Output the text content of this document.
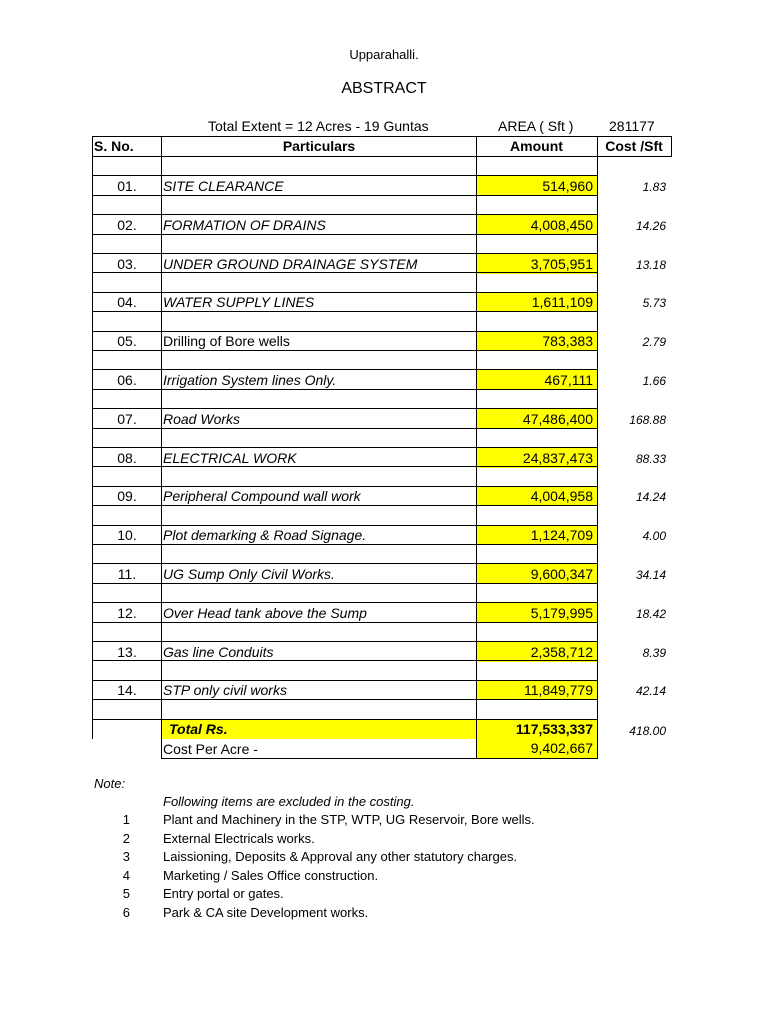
Upparahalli.
ABSTRACT
Total Extent = 12 Acres - 19 Guntas	AREA ( Sft )	281177
S. No.	Particulars	Amount	Cost /Sft
01.	SITE CLEARANCE	514,960	1.83
02.	FORMATION OF DRAINS	4,008,450	14.26
03.	UNDER GROUND DRAINAGE SYSTEM	3,705,951	13.18
04.	WATER SUPPLY LINES	1,611,109	5.73
05.	Drilling of Bore wells	783,383	2.79
06.	Irrigation System lines Only.	467,111	1.66
07.	Road Works	47,486,400	168.88
08.	ELECTRICAL WORK	24,837,473	88.33
09.	Peripheral Compound wall work	4,004,958	14.24
10.	Plot demarking & Road Signage.	1,124,709	4.00
11.	UG Sump Only Civil Works.	9,600,347	34.14
12.	Over Head tank above the Sump	5,179,995	18.42
13.	Gas line Conduits	2,358,712	8.39
14.	STP only civil works	11,849,779	42.14
Total Rs.	117,533,337	418.00
Cost Per Acre -	9,402,667
Note:
Following items are excluded in the costing.
1	Plant and Machinery in the STP, WTP, UG Reservoir, Bore wells.
2	External Electricals works.
3	Laissioning, Deposits & Approval any other statutory charges.
4	Marketing / Sales Office construction.
5	Entry portal or gates.
6	Park & CA site Development works.
